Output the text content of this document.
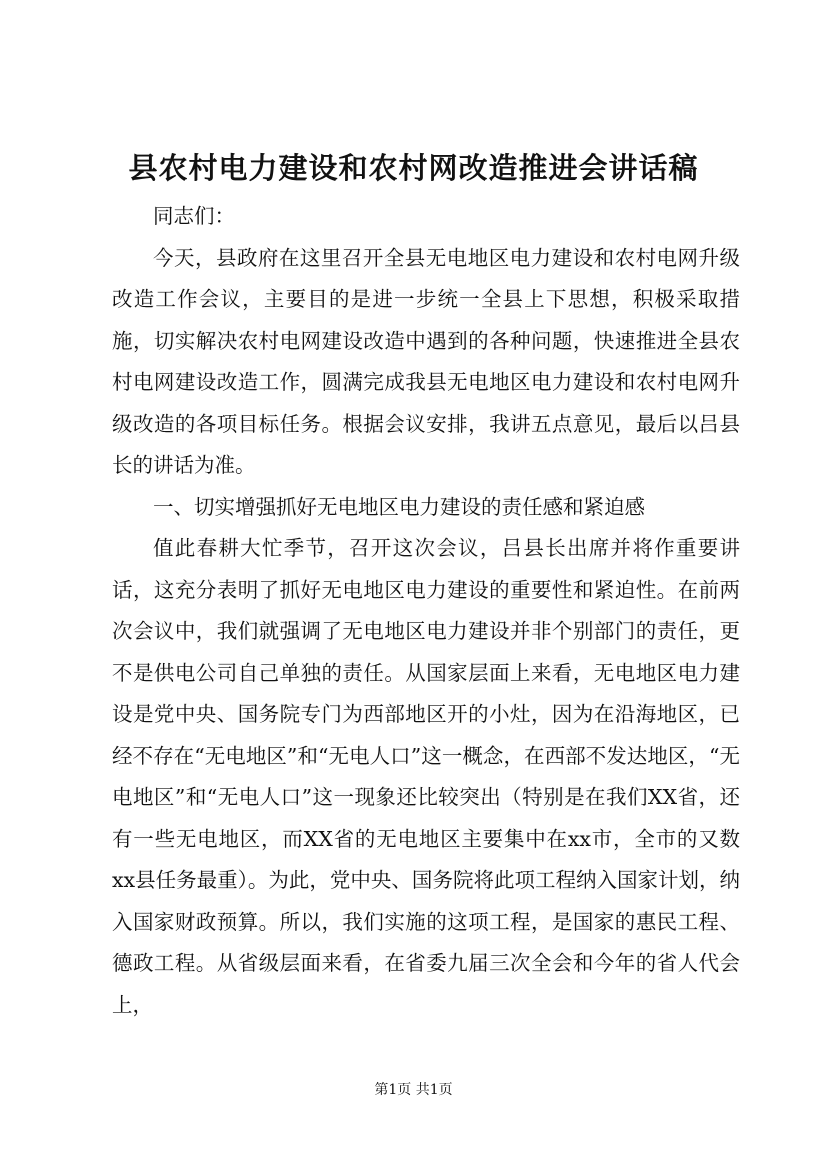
县农村电力建设和农村网改造推进会讲话稿

同志们：

今天，县政府在这里召开全县无电地区电力建设和农村电网升级改造工作会议，主要目的是进一步统一全县上下思想，积极采取措施，切实解决农村电网建设改造中遇到的各种问题，快速推进全县农村电网建设改造工作，圆满完成我县无电地区电力建设和农村电网升级改造的各项目标任务。根据会议安排，我讲五点意见，最后以吕县长的讲话为准。

一、切实增强抓好无电地区电力建设的责任感和紧迫感

值此春耕大忙季节，召开这次会议，吕县长出席并将作重要讲话，这充分表明了抓好无电地区电力建设的重要性和紧迫性。在前两次会议中，我们就强调了无电地区电力建设并非个别部门的责任，更不是供电公司自己单独的责任。从国家层面上来看，无电地区电力建设是党中央、国务院专门为西部地区开的小灶，因为在沿海地区，已经不存在“无电地区”和“无电人口”这一概念，在西部不发达地区，“无电地区”和“无电人口”这一现象还比较突出（特别是在我们XX省，还有一些无电地区，而XX省的无电地区主要集中在xx市，全市的又数xx县任务最重）。为此，党中央、国务院将此项工程纳入国家计划，纳入国家财政预算。所以，我们实施的这项工程，是国家的惠民工程、德政工程。从省级层面来看，在省委九届三次全会和今年的省人代会上，

第1页 共1页
